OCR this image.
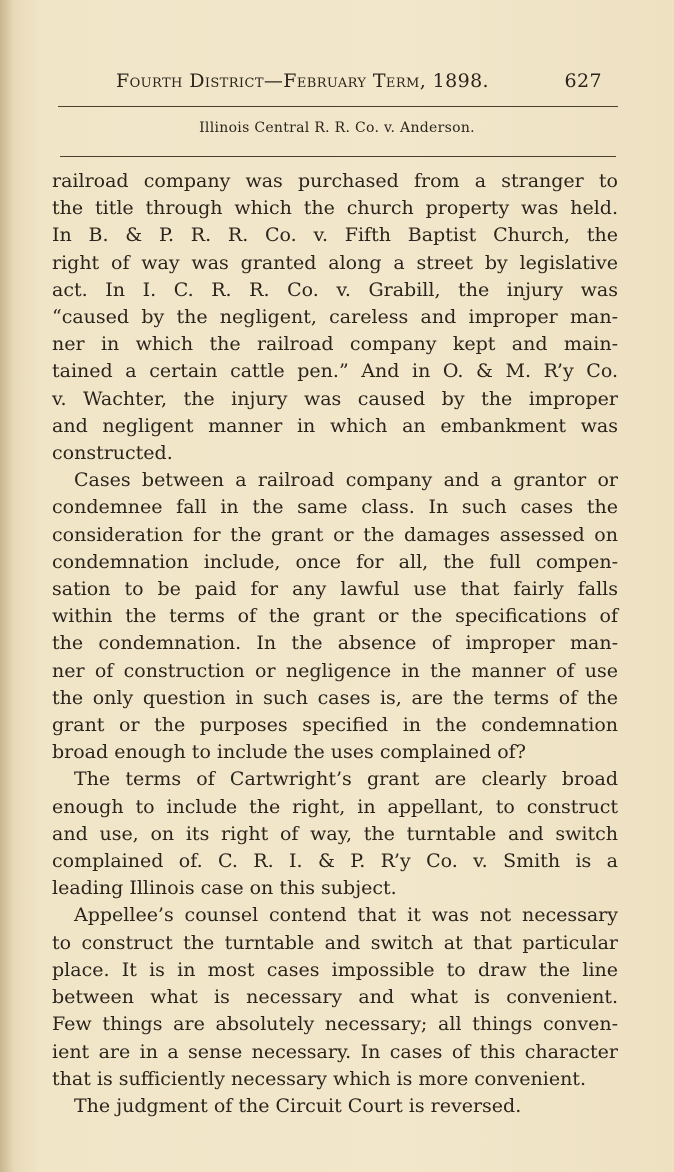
Fourth District—February Term, 1898.	627
Illinois Central R. R. Co. v. Anderson.
railroad company was purchased from a stranger to
the title through which the church property was held.
In B. & P. R. R. Co. v. Fifth Baptist Church, the
right of way was granted along a street by legislative
act. In I. C. R. R. Co. v. Grabill, the injury was
“caused by the negligent, careless and improper man-
ner in which the railroad company kept and main-
tained a certain cattle pen.” And in O. & M. R’y Co.
v. Wachter, the injury was caused by the improper
and negligent manner in which an embankment was
constructed.
Cases between a railroad company and a grantor or
condemnee fall in the same class. In such cases the
consideration for the grant or the damages assessed on
condemnation include, once for all, the full compen-
sation to be paid for any lawful use that fairly falls
within the terms of the grant or the specifications of
the condemnation. In the absence of improper man-
ner of construction or negligence in the manner of use
the only question in such cases is, are the terms of the
grant or the purposes specified in the condemnation
broad enough to include the uses complained of?
The terms of Cartwright’s grant are clearly broad
enough to include the right, in appellant, to construct
and use, on its right of way, the turntable and switch
complained of. C. R. I. & P. R’y Co. v. Smith is a
leading Illinois case on this subject.
Appellee’s counsel contend that it was not necessary
to construct the turntable and switch at that particular
place. It is in most cases impossible to draw the line
between what is necessary and what is convenient.
Few things are absolutely necessary; all things conven-
ient are in a sense necessary. In cases of this character
that is sufficiently necessary which is more convenient.
The judgment of the Circuit Court is reversed.
